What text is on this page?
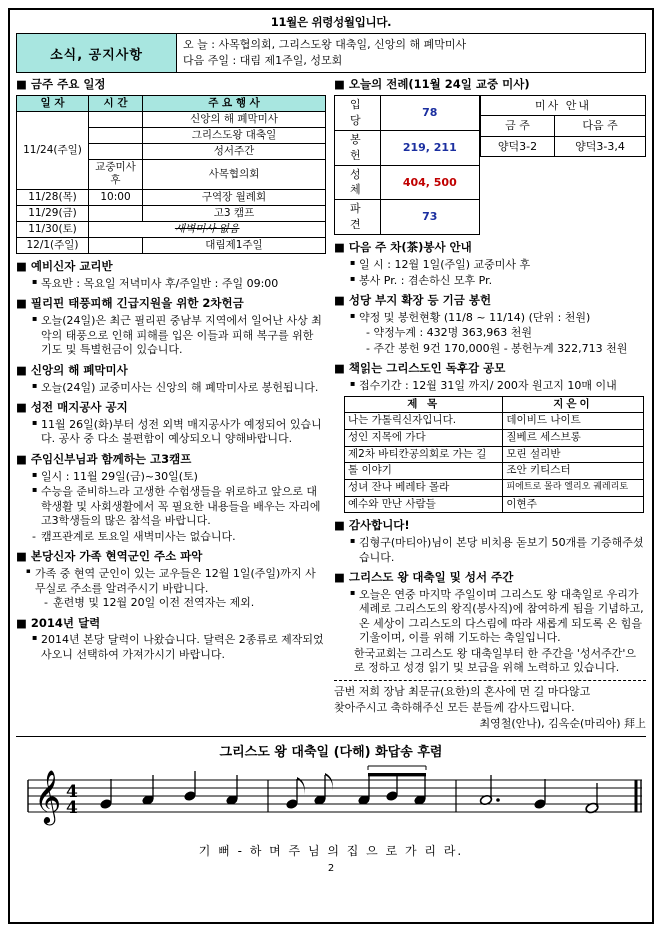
11월은 위령성월입니다.
소식, 공지사항
오 늘 : 사목협의회, 그리스도왕 대축일, 신앙의 해 폐막미사
다음 주일 : 대림 제1주일, 성모회
■ 금주 주요 일정
일 자	시 간	주 요 행 사
11/24(주일)		신앙의 해 폐막미사
		그리스도왕 대축일
		성서주간
	교중미사후	사목협의회
11/28(목)	10:00	구역장 월례회
11/29(금)		고3 캠프
11/30(토)	새벽미사 없음	
12/1(주일)		대림제1주일
■ 예비신자 교리반
▪ 목요반 : 목요일 저녁미사 후/주일반 : 주일 09:00
■ 필리핀 태풍피해 긴급지원을 위한 2차헌금
▪ 오늘(24일)은 최근 필리핀 중남부 지역에서 일어난 사상 최악의 태풍으로 인해 피해를 입은 이들과 피해 복구를 위한 기도 및 특별헌금이 있습니다.
■ 신앙의 해 폐막미사
▪ 오늘(24일) 교중미사는 신앙의 해 폐막미사로 봉헌됩니다.
■ 성전 매지공사 공지
▪ 11월 26일(화)부터 성전 외벽 매지공사가 예정되어 있습니다. 공사 중 다소 불편함이 예상되오니 양해바랍니다.
■ 주임신부님과 함께하는 고3캠프
▪ 일시 : 11월 29일(금)~30일(토)
▪ 수능을 준비하느라 고생한 수험생들을 위로하고 앞으로 대학생활 및 사회생활에서 꼭 필요한 내용들을 배우는 자리에 고3학생들의 많은 참석을 바랍니다.
- 캠프관계로 토요일 새벽미사는 없습니다.
■ 본당신자 가족 현역군인 주소 파악
▪ 가족 중 현역 군인이 있는 교우들은 12월 1일(주일)까지 사무실로 주소를 알려주시기 바랍니다.
- 훈련병 및 12월 20일 이전 전역자는 제외.
■ 2014년 달력
▪ 2014년 본당 달력이 나왔습니다. 달력은 2종류로 제작되었사오니 선택하여 가져가시기 바랍니다.
■ 오늘의 전례(11월 24일 교중 미사)
입 당	78
봉 헌	219, 211
성 체	404, 500
파 견	73
미사 안내	
금 주	다음 주
양덕3-2	양덕3-3,4
■ 다음 주 차(茶)봉사 안내
▪ 일 시 : 12월 1일(주일) 교중미사 후
▪ 봉사 Pr. : 겸손하신 모후 Pr.
■ 성당 부지 확장 등 기금 봉헌
▪ 약정 및 봉헌현황 (11/8 ~ 11/14) (단위 : 천원)
- 약정누계 : 432명 363,963 천원
- 주간 봉헌 9건 170,000원 - 봉헌누계 322,713 천원
■ 책읽는 그리스도인 독후감 공모
▪ 접수기간 : 12월 31일 까지/ 200자 원고지 10매 이내
제 목	지은이
나는 가톨릭신자입니다.	데이비드 나이트
성인 지목에 가다	질베르 세스브롱
제2차 바티칸공의회로 가는 길	모린 설리반
톨 이야기	조안 키티스터
성녀 잔나 베레타 몰라	피에트로 몰라 엘리오 궤레리토
예수와 만난 사람들	이현주
■ 감사합니다!
▪ 김형구(마티아)님이 본당 비치용 돋보기 50개를 기증해주셨습니다.
■ 그리스도 왕 대축일 및 성서 주간
▪ 오늘은 연중 마지막 주일이며 그리스도 왕 대축일로 우리가 세례로 그리스도의 왕직(봉사직)에 참여하게 됨을 기념하고, 온 세상이 그리스도의 다스림에 따라 새롭게 되도록 온 힘을 기울이며, 이를 위해 기도하는 축일입니다.
한국교회는 그리스도 왕 대축일부터 한 주간을 '성서주간'으로 정하고 성경 읽기 및 보급을 위해 노력하고 있습니다.
금번 저희 장남 최문규(요한)의 혼사에 먼 길 마다않고
찾아주시고 축하해주신 모든 분들께 감사드립니다.
최영철(안나), 김옥순(마리아) 拜上
그리스도 왕 대축일 (다해) 화답송 후렴
𝄞 4
4
기 뻐 - 하 며 주 님 의 집 으 로 가 리 라.
2
